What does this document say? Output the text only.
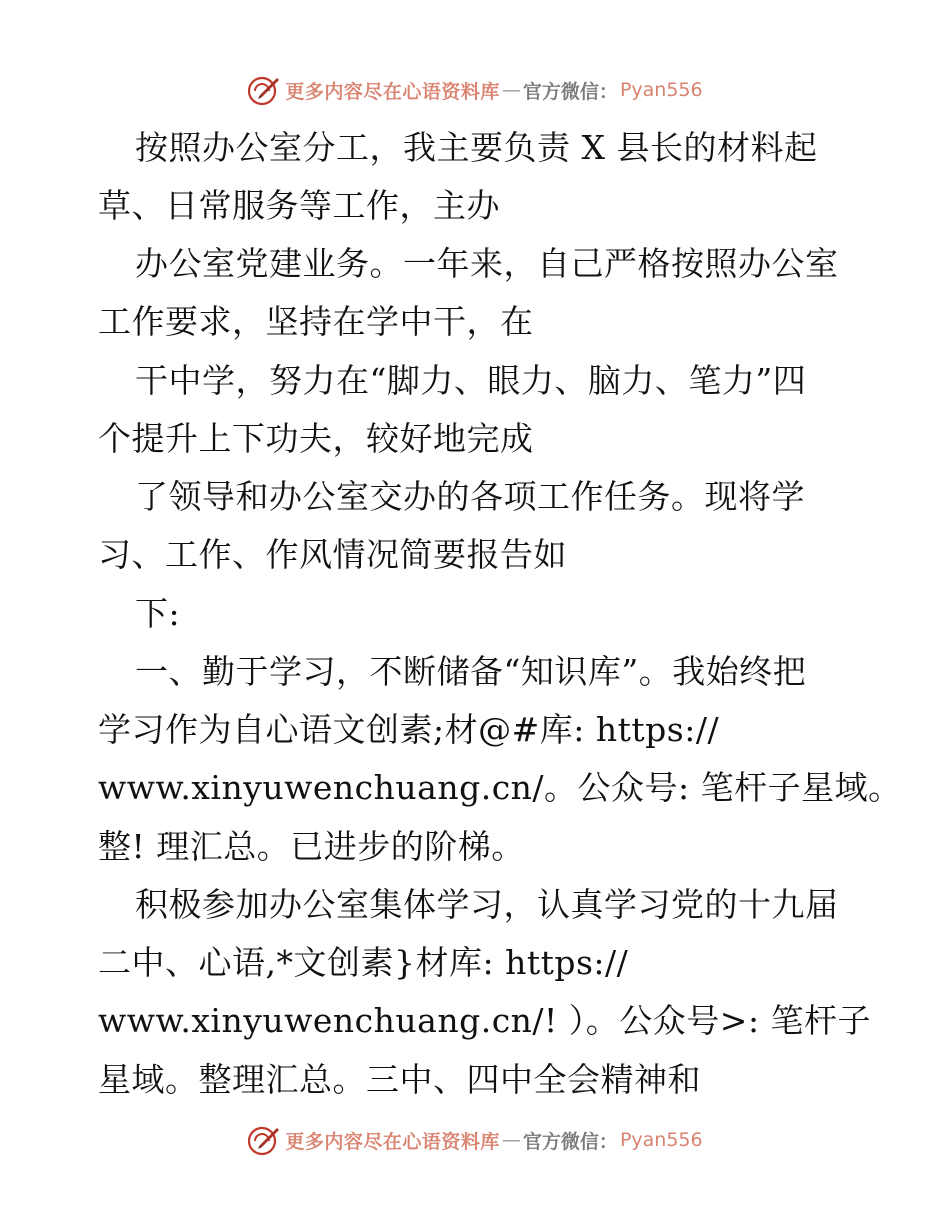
更多内容尽在心语资料库 — 官方微信： Pyan556
按照办公室分工，我主要负责 X 县长的材料起
草、日常服务等工作，主办
办公室党建业务。一年来，自己严格按照办公室
工作要求，坚持在学中干，在
干中学，努力在“脚力、眼力、脑力、笔力”四
个提升上下功夫，较好地完成
了领导和办公室交办的各项工作任务。现将学
习、工作、作风情况简要报告如
下:
一、勤于学习，不断储备“知识库”。我始终把
学习作为自心语文创素;材@#库: https://
www.xinyuwenchuang.cn/。公众号: 笔杆子星域。
整! 理汇总。已进步的阶梯。
积极参加办公室集体学习，认真学习党的十九届
二中、心语,*文创素}材库: https://
www.xinyuwenchuang.cn/! ）。公众号>: 笔杆子
星域。整理汇总。三中、四中全会精神和
更多内容尽在心语资料库 — 官方微信： Pyan556
